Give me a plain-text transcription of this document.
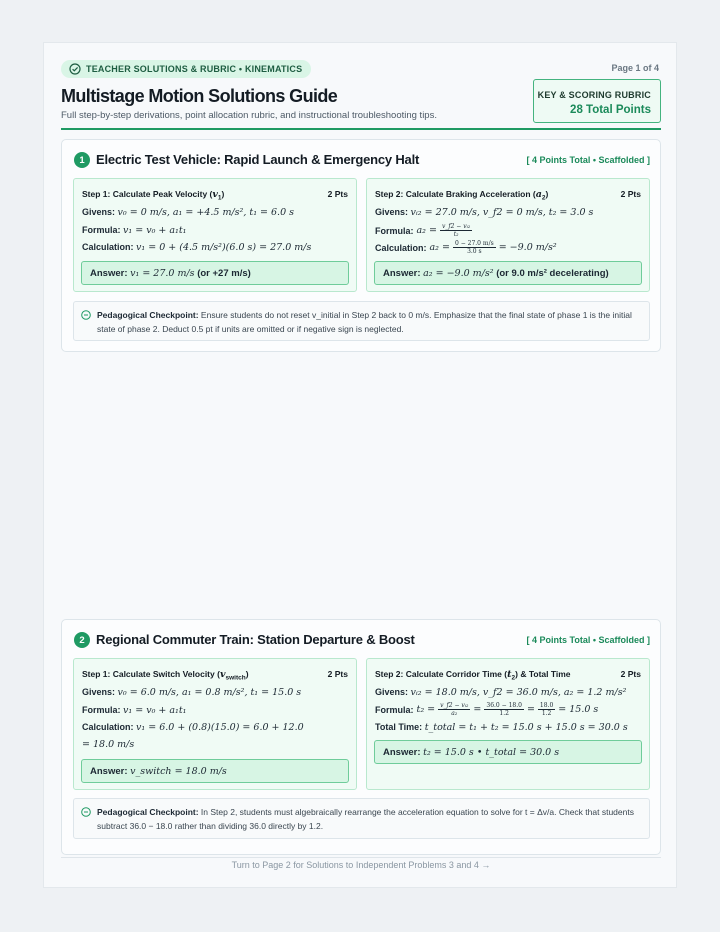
TEACHER SOLUTIONS & RUBRIC • KINEMATICS	Page 1 of 4
Multistage Motion Solutions Guide
Full step-by-step derivations, point allocation rubric, and instructional troubleshooting tips.
KEY & SCORING RUBRIC
28 Total Points
1 Electric Test Vehicle: Rapid Launch & Emergency Halt	[ 4 Points Total • Scaffolded ]
Step 1: Calculate Peak Velocity $(v_1)$	2 Pts
Givens: v₀ = 0 m/s, a₁ = +4.5 m/s², t₁ = 6.0 s
Formula: v₁ = v₀ + a₁t₁
Calculation: v₁ = 0 + (4.5 m/s²)(6.0 s) = 27.0 m/s
Answer: v₁ = 27.0 m/s (or +27 m/s)
Step 2: Calculate Braking Acceleration $(a_2)$	2 Pts
Givens: vᵢ₂ = 27.0 m/s, v_f2 = 0 m/s, t₂ = 3.0 s
Formula: $a_2 = \frac{\text{v\_f2 − vᵢ₂}}{\text{t₂}}$
Calculation: $a_2 = \frac{0 - 27.0 m/s}{3.0 s} = -9.0$ m/s²
Answer: a₂ = −9.0 m/s² (or 9.0 m/s² decelerating)
Pedagogical Checkpoint: Ensure students do not reset v_initial in Step 2 back to 0 m/s. Emphasize that the final state of phase 1 is the initial state of phase 2. Deduct 0.5 pt if units are omitted or if negative sign is neglected.
2 Regional Commuter Train: Station Departure & Boost	[ 4 Points Total • Scaffolded ]
Step 1: Calculate Switch Velocity $(v_{switch})$	2 Pts
Givens: v₀ = 6.0 m/s, a₁ = 0.8 m/s², t₁ = 15.0 s
Formula: v₁ = v₀ + a₁t₁
Calculation: v₁ = 6.0 + (0.8)(15.0) = 6.0 + 12.0
= 18.0 m/s
Answer: v_switch = 18.0 m/s
Step 2: Calculate Corridor Time $(t_2)$ & Total Time	2 Pts
Givens: vᵢ₂ = 18.0 m/s, v_f2 = 36.0 m/s, a₂ = 1.2 m/s²
Formula: $t_2 = \frac{\text{v\_f2 − vᵢ₂}}{\text{a₂}} = \frac{36.0 - 18.0}{1.2} = \frac{18.0}{1.2} = 15.0$ s
Total Time: t_total = t₁ + t₂ = 15.0 s + 15.0 s = 30.0 s
Answer: t₂ = 15.0 s • t_total = 30.0 s
Pedagogical Checkpoint: In Step 2, students must algebraically rearrange the acceleration equation to solve for t = Δv/a. Check that students subtract 36.0 − 18.0 rather than dividing 36.0 directly by 1.2.
Turn to Page 2 for Solutions to Independent Problems 3 and 4 →
